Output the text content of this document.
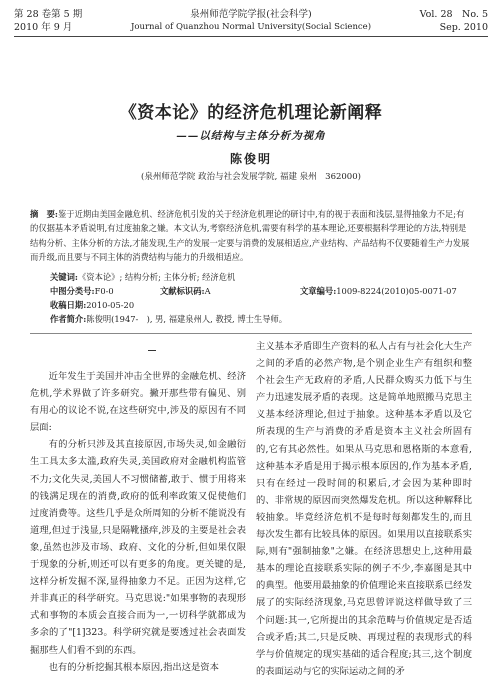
第 28 卷第 5 期
2010 年 9 月
泉州师范学院学报(社会科学)
Journal of Quanzhou Normal University(Social Science)
Vol. 28　No. 5
Sep. 2010
《资本论》的经济危机理论新阐释
——以结构与主体分析为视角
陈俊明
(泉州师范学院 政治与社会发展学院, 福建 泉州　362000)
摘　要:鉴于近期由美国金融危机、经济危机引发的关于经济危机理论的研讨中,有的视于表面和浅层,显得抽象力不足;有的仅据基本矛盾说明,有过度抽象之嫌。本文认为,考察经济危机,需要有科学的基本理论,还要根据科学理论的方法,特别是结构分析、主体分析的方法,才能发现,生产的发展一定要与消费的发展相适应,产业结构、产品结构不仅要随着生产力发展而升级,而且要与不同主体的消费结构与能力的升级相适应。
关键词:《资本论》; 结构分析; 主体分析; 经济危机
中图分类号:F0-0	文献标识码:A	文章编号:1009-8224(2010)05-0071-07
收稿日期:2010-05-20
作者简介:陈俊明(1947-　), 男, 福建泉州人, 教授, 博士生导师。

近年发生于美国并冲击全世界的金融危机、经济危机,学术界做了许多研究。撇开那些带有偏见、别有用心的议论不说,在这些研究中,涉及的原因有不同层面:

有的分析只涉及其直接原因,市场失灵,如金融衍生工具太多太滥,政府失灵,美国政府对金融机构监管不力;文化失灵,美国人不习惯储蓄,敢于、惯于用将来的钱满足现在的消费,政府的低利率政策又促使他们过度消费等。这些几乎是众所周知的分析不能说没有道理,但过于浅显,只是隔靴搔痒,涉及的主要是社会表象,虽然也涉及市场、政府、文化的分析,但如果仅限于现象的分析,则还可以有更多的角度。更关键的是,这样分析发掘不深,显得抽象力不足。正因为这样,它并非真正的科学研究。马克思说:"如果事物的表现形式和事物的本质会直接合而为一,一切科学就都成为多余的了"[1]323。科学研究就是要透过社会表面发掘那些人们看不到的东西。

也有的分析挖掘其根本原因,指出这是资本

主义基本矛盾即生产资料的私人占有与社会化大生产之间的矛盾的必然产物,是个别企业生产有组织和整个社会生产无政府的矛盾,人民群众购买力低下与生产力迅速发展矛盾的表现。这是简单地照搬马克思主义基本经济理论,但过于抽象。这种基本矛盾以及它所表现的生产与消费的矛盾是资本主义社会所固有的,它有其必然性。如果从马克思和恩格斯的本意看,这种基本矛盾是用于揭示根本原因的,作为基本矛盾,只有在经过一段时间的积累后,才会因为某种即时的、非常规的原因而突然爆发危机。所以这种解释比较抽象。毕竟经济危机不是每时每刻都发生的,而且每次发生都有比较具体的原因。如果用以直接联系实际,则有"强制抽象"之嫌。在经济思想史上,这种用最基本的理论直接联系实际的例子不少,李嘉图是其中的典型。他要用最抽象的价值理论来直接联系已经发展了的实际经济现象,马克思曾评说这样做导致了三个问题:其一,它所提出的其余范畴与价值规定是否适合或矛盾;其二,只是反映、再现过程的表现形式的科学与价值规定的现实基础的适合程度;其三,这个制度的表面运动与它的实际运动之间的矛
